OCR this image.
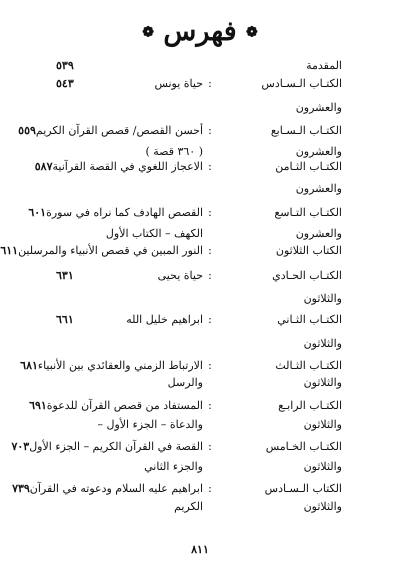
❁ فهرس ❁
المقدمة
٥٣٩
الكتـاب الـسـادس
:
حياة يونس
٥٤٣
والعشرون
الكتـاب الـسـابع
:
أحسن القصص/ قصص القرآن الكريم
٥٥٩
والعشرون
( ٣٦٠ قصة )
الكتـاب الثـامن
:
الاعجاز اللغوي في القصة القرآنية
٥٨٧
والعشرون
الكتـاب التـاسع
:
القصص الهادف كما نراه في سورة
٦٠١
والعشرون
الكهف – الكتاب الأول
الكتاب الثلاثون
:
النور المبين في قصص الأنبياء والمرسلين
٦١١
الكتـاب الحـادي
:
حياة يحيى
٦٣١
والثلاثون
الكتـاب الثـاني
:
ابراهيم خليل الله
٦٦١
والثلاثون
الكتـاب الثـالث
:
الارتباط الزمني والعقائدي بين الأنبياء
٦٨١
والثلاثون
والرسل
الكتـاب الرابـع
:
المستفاد من قصص القرآن للدعوة
٦٩١
والثلاثون
والدعاة – الجزء الأول –
الكتـاب الخـامس
:
القصة في القرآن الكريم – الجزء الأول
٧٠٣
والثلاثون
والجزء الثاني
الكتاب الـسـادس
:
ابراهيم عليه السلام ودعوته في القرآن
٧٣٩
والثلاثون
الكريم
٨١١
